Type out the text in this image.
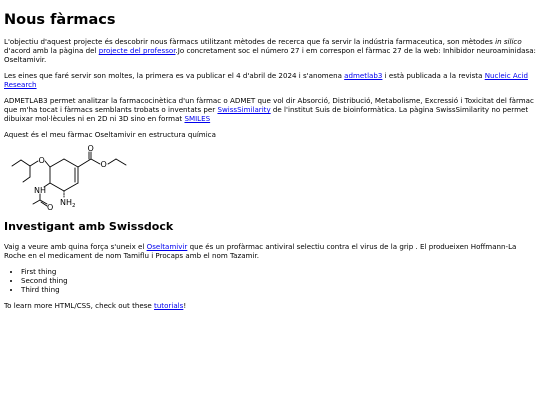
Nous fàrmacs

L'objectiu d'aquest projecte és descobrir nous fàrmacs utilitzant mètodes de recerca que fa servir la indústria farmaceutica, son mètodes in silico d'acord amb la pàgina del projecte del professor.Jo concretament soc el número 27 i em correspon el fàrmac 27 de la web: Inhibidor neuroaminidasa: Oseltamivir.

Les eines que faré servir son moltes, la primera es va publicar el 4 d'abril de 2024 i s'anomena admetlab3 i està publicada a la revista Nucleic Acid Research

ADMETLAB3 permet analitzar la farmacocinètica d'un fàrmac o ADMET que vol dir Absorció, Distribució, Metabolisme, Excressió i Toxicitat del fàrmac que m'ha tocat i fàrmacs semblants trobats o inventats per SwissSimilarity de l'institut Suis de bioinformàtica. La pàgina SwissSimilarity no permet dibuixar mol·lècules ni en 2D ni 3D sino en format SMILES

Aquest és el meu fàrmac Oseltamivir en estructura química

O
O
O
O
NH
$NH_2$
Investigant amb Swissdock

Vaig a veure amb quina força s'uneix el Oseltamivir que és un profàrmac antiviral selectiu contra el virus de la grip . El produeixen Hoffmann-La Roche en el medicament de nom Tamiflu i Procaps amb el nom Tazamir.

• First thing
• Second thing
• Third thing

To learn more HTML/CSS, check out these tutorials!
